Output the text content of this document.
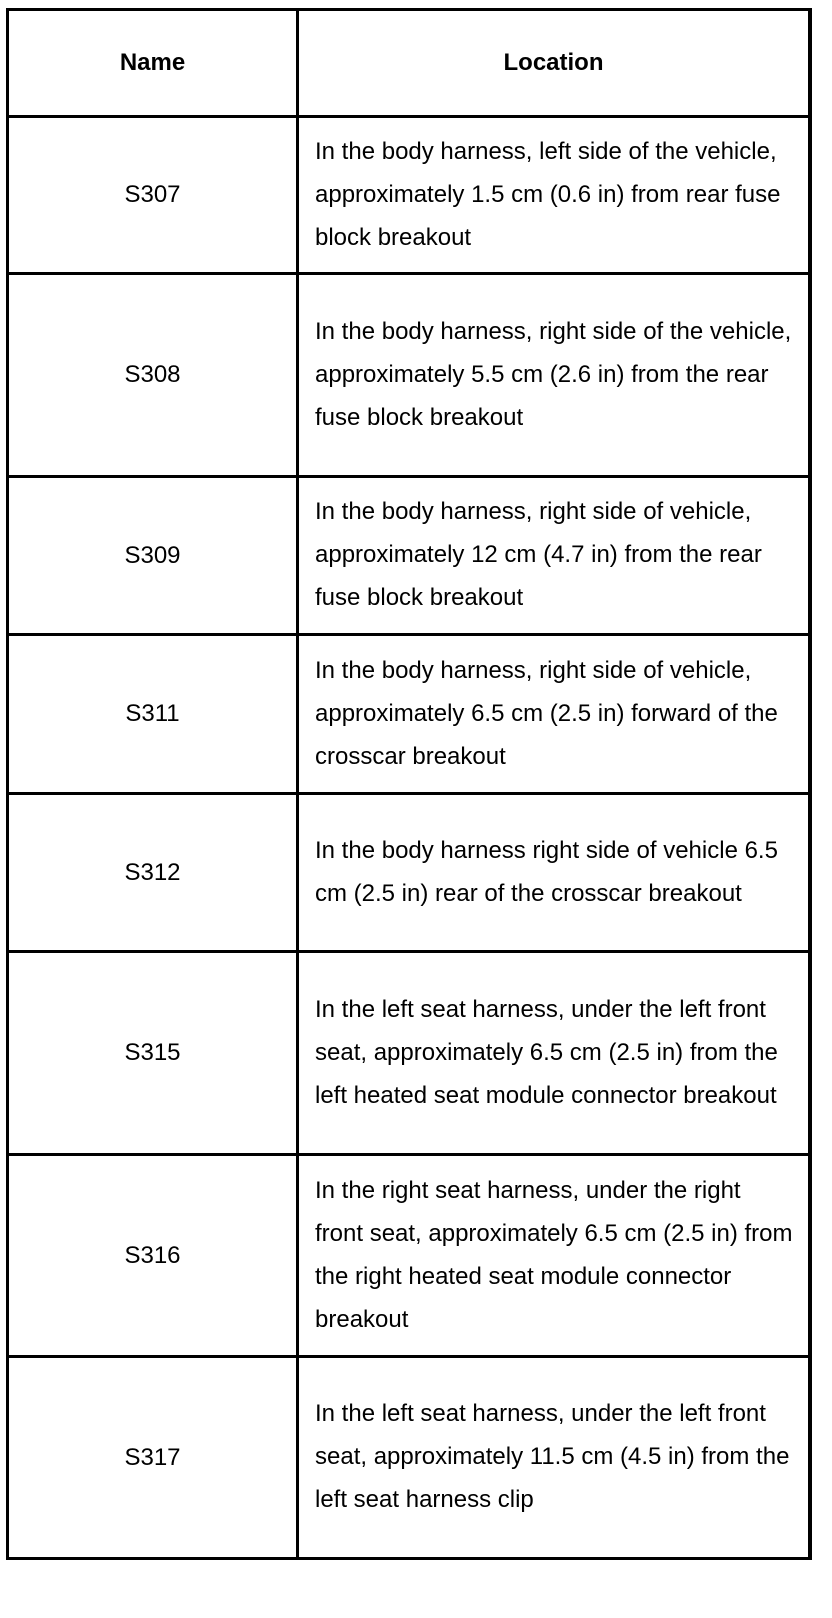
Name	Location
S307	In the body harness, left side of the vehicle, approximately 1.5 cm (0.6 in) from rear fuse block breakout
S308	In the body harness, right side of the vehicle, approximately 5.5 cm (2.6 in) from the rear fuse block breakout
S309	In the body harness, right side of vehicle, approximately 12 cm (4.7 in) from the rear fuse block breakout
S311	In the body harness, right side of vehicle, approximately 6.5 cm (2.5 in) forward of the crosscar breakout
S312	In the body harness right side of vehicle 6.5 cm (2.5 in) rear of the crosscar breakout
S315	In the left seat harness, under the left front seat, approximately 6.5 cm (2.5 in) from the left heated seat module connector breakout
S316	In the right seat harness, under the right front seat, approximately 6.5 cm (2.5 in) from the right heated seat module connector breakout
S317	In the left seat harness, under the left front seat, approximately 11.5 cm (4.5 in) from the left seat harness clip
